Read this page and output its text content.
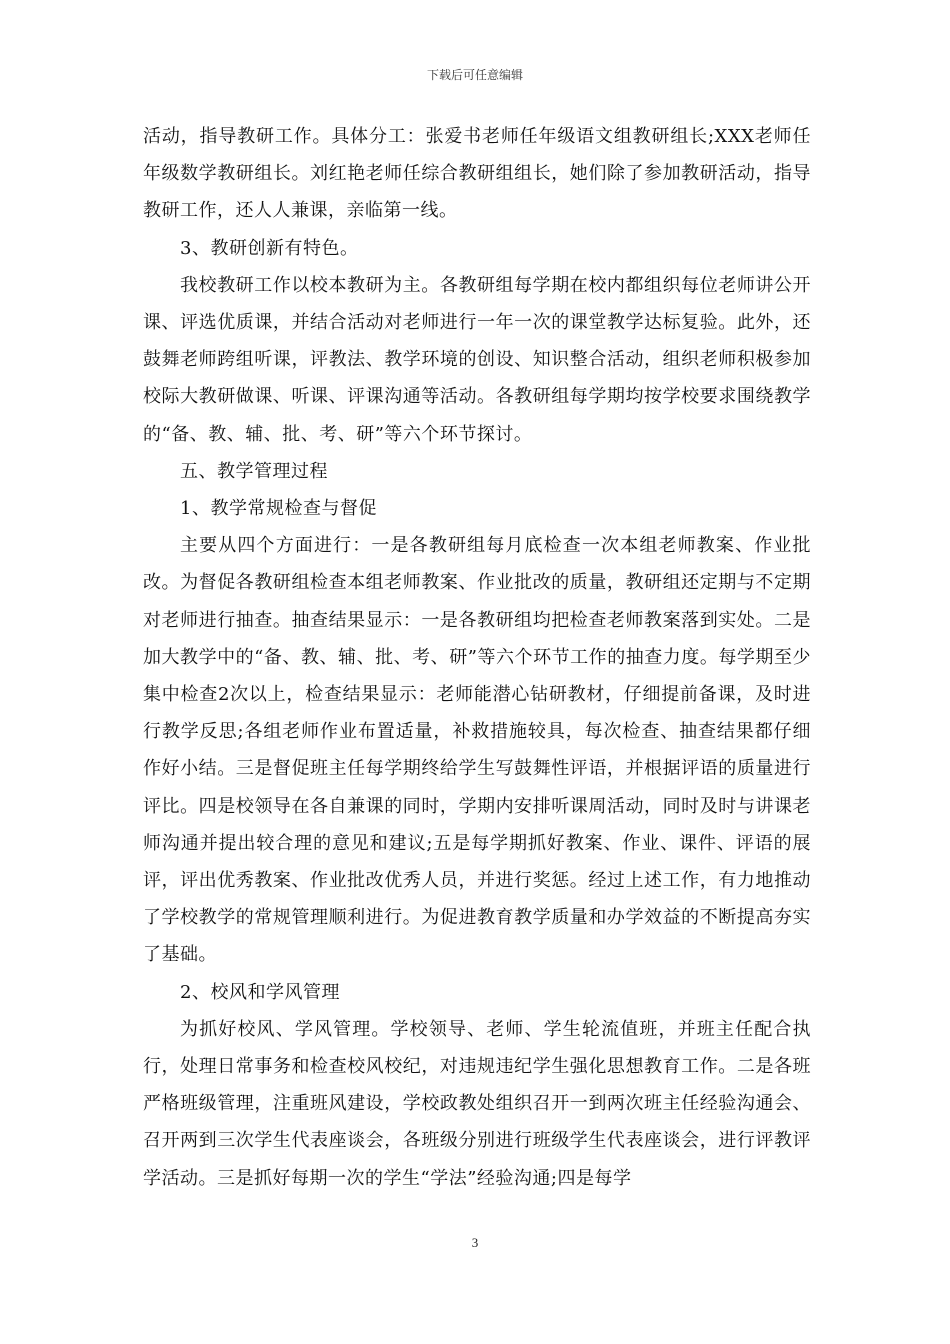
下载后可任意编辑

活动，指导教研工作。具体分工：张爱书老师任年级语文组教研组长;XXX老师任年级数学教研组长。刘红艳老师任综合教研组组长，她们除了参加教研活动，指导教研工作，还人人兼课，亲临第一线。

3、教研创新有特色。

我校教研工作以校本教研为主。各教研组每学期在校内都组织每位老师讲公开课、评选优质课，并结合活动对老师进行一年一次的课堂教学达标复验。此外，还鼓舞老师跨组听课，评教法、教学环境的创设、知识整合活动，组织老师积极参加校际大教研做课、听课、评课沟通等活动。各教研组每学期均按学校要求围绕教学的“备、教、辅、批、考、研”等六个环节探讨。

五、教学管理过程

1、教学常规检查与督促

主要从四个方面进行：一是各教研组每月底检查一次本组老师教案、作业批改。为督促各教研组检查本组老师教案、作业批改的质量，教研组还定期与不定期对老师进行抽查。抽查结果显示：一是各教研组均把检查老师教案落到实处。二是加大教学中的“备、教、辅、批、考、研”等六个环节工作的抽查力度。每学期至少集中检查2次以上，检查结果显示：老师能潜心钻研教材，仔细提前备课，及时进行教学反思;各组老师作业布置适量，补救措施较具，每次检查、抽查结果都仔细作好小结。三是督促班主任每学期终给学生写鼓舞性评语，并根据评语的质量进行评比。四是校领导在各自兼课的同时，学期内安排听课周活动，同时及时与讲课老师沟通并提出较合理的意见和建议;五是每学期抓好教案、作业、课件、评语的展评，评出优秀教案、作业批改优秀人员，并进行奖惩。经过上述工作，有力地推动了学校教学的常规管理顺利进行。为促进教育教学质量和办学效益的不断提高夯实了基础。

2、校风和学风管理

为抓好校风、学风管理。学校领导、老师、学生轮流值班，并班主任配合执行，处理日常事务和检查校风校纪，对违规违纪学生强化思想教育工作。二是各班严格班级管理，注重班风建设，学校政教处组织召开一到两次班主任经验沟通会、召开两到三次学生代表座谈会，各班级分别进行班级学生代表座谈会，进行评教评学活动。三是抓好每期一次的学生“学法”经验沟通;四是每学

3
